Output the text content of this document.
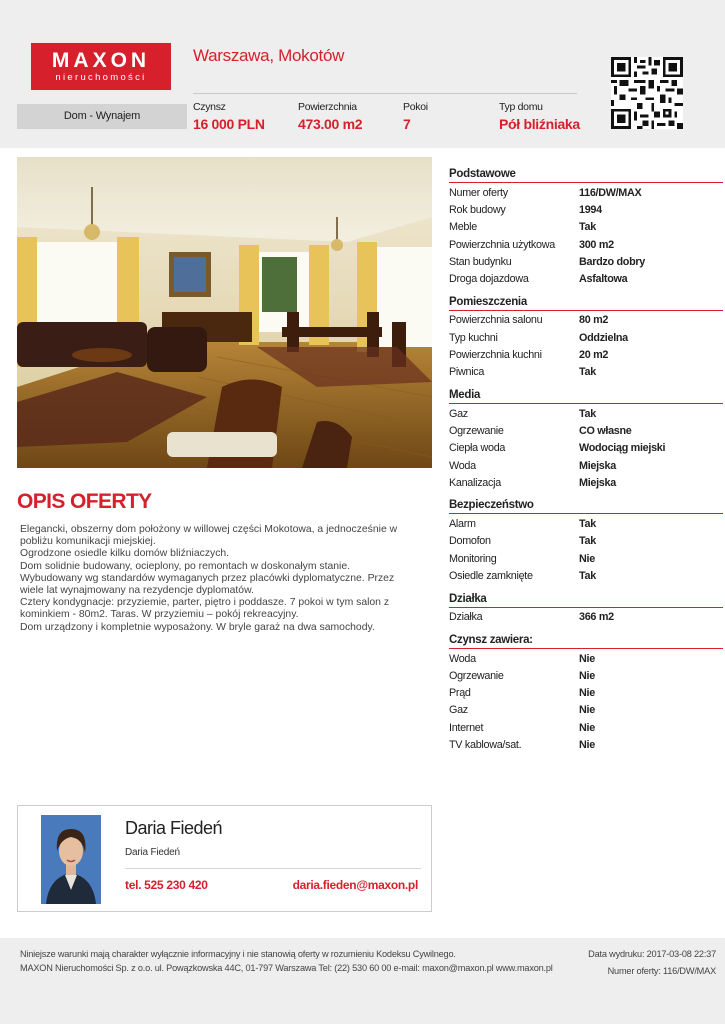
MAXON
nieruchomości
Warszawa, Mokotów
Dom - Wynajem
Czynsz
16 000 PLN
Powierzchnia
473.00 m2
Pokoi
7
Typ domu
Pół bliźniaka
OPIS OFERTY

Elegancki, obszerny dom położony w willowej części Mokotowa, a jednocześnie w pobliżu komunikacji miejskiej.

Ogrodzone osiedle kilku domów bliźniaczych.

Dom solidnie budowany, ocieplony, po remontach w doskonałym stanie.

Wybudowany wg standardów wymaganych przez placówki dyplomatyczne. Przez wiele lat wynajmowany na rezydencje dyplomatów.

Cztery kondygnacje: przyziemie, parter, piętro i poddasze. 7 pokoi w tym salon z kominkiem - 80m2. Taras. W przyziemiu – pokój rekreacyjny.

Dom urządzony i kompletnie wyposażony. W bryle garaż na dwa samochody.

Podstawowe
Numer oferty	116/DW/MAX
Rok budowy	1994
Meble	Tak
Powierzchnia użytkowa	300 m2
Stan budynku	Bardzo dobry
Droga dojazdowa	Asfaltowa
Pomieszczenia
Powierzchnia salonu	80 m2
Typ kuchni	Oddzielna
Powierzchnia kuchni	20 m2
Piwnica	Tak
Media
Gaz	Tak
Ogrzewanie	CO własne
Ciepła woda	Wodociąg miejski
Woda	Miejska
Kanalizacja	Miejska
Bezpieczeństwo
Alarm	Tak
Domofon	Tak
Monitoring	Nie
Osiedle zamknięte	Tak
Działka
Działka	366 m2
Czynsz zawiera:
Woda	Nie
Ogrzewanie	Nie
Prąd	Nie
Gaz	Nie
Internet	Nie
TV kablowa/sat.	Nie
Daria Fiedeń
Daria Fiedeń
tel. 525 230 420	daria.fieden@maxon.pl
Niniejsze warunki mają charakter wyłącznie informacyjny i nie stanowią oferty w rozumieniu Kodeksu Cywilnego.
MAXON Nieruchomości Sp. z o.o. ul. Powązkowska 44C, 01-797 Warszawa Tel: (22) 530 60 00 e-mail: maxon@maxon.pl www.maxon.pl
Data wydruku: 2017-03-08 22:37
Numer oferty: 116/DW/MAX
